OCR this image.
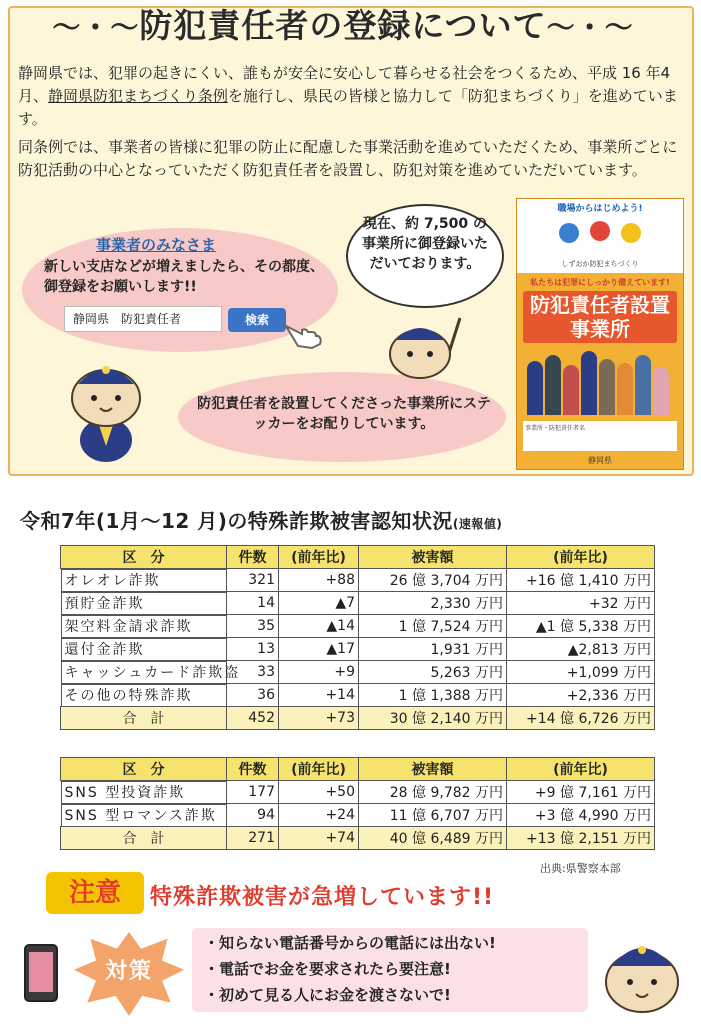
〜・〜防犯責任者の登録について〜・〜
静岡県では、犯罪の起きにくい、誰もが安全に安心して暮らせる社会をつくるため、平成 16 年4月、静岡県防犯まちづくり条例を施行し、県民の皆様と協力して「防犯まちづくり」を進めています。
同条例では、事業者の皆様に犯罪の防止に配慮した事業活動を進めていただくため、事業所ごとに防犯活動の中心となっていただく防犯責任者を設置し、防犯対策を進めていただいています。
事業者のみなさま
新しい支店などが増えましたら、その都度、御登録をお願いします!!
静岡県　防犯責任者	検索
現在、約 7,500 の事業所に御登録いただいております。
防犯責任者を設置してくださった事業所にステッカーをお配りしています。
職場からはじめよう!
しずおか防犯まちづくり
私たちは犯罪にしっかり備えています!
防犯責任者設置事業所
事業所・防犯責任者名
静岡県
令和7年(1月〜12 月)の特殊詐欺被害認知状況(速報値)
区　分	件数	(前年比)	被害額	(前年比)

オレオレ詐欺	321	+88	26 億 3,704 万円	+16 億 1,410 万円

預貯金詐欺	14	▲7	2,330 万円	+32 万円

架空料金請求詐欺	35	▲14	1 億 7,524 万円	▲1 億 5,338 万円

還付金詐欺	13	▲17	1,931 万円	▲2,813 万円

キャッシュカード詐欺盗 33	+9	5,263 万円	+1,099 万円

その他の特殊詐欺	36	+14	1 億 1,388 万円	+2,336 万円
合　計	452	+73	30 億 2,140 万円	+14 億 6,726 万円
区　分	件数	(前年比)	被害額	(前年比)

SNS 型投資詐欺	177	+50	28 億 9,782 万円	+9 億 7,161 万円

SNS 型ロマンス詐欺	94	+24	11 億 6,707 万円	+3 億 4,990 万円
合　計	271	+74	40 億 6,489 万円	+13 億 2,151 万円
出典:県警察本部
注意	特殊詐欺被害が急増しています!!
対策
・知らない電話番号からの電話には出ない!
・電話でお金を要求されたら要注意!
・初めて見る人にお金を渡さないで!
